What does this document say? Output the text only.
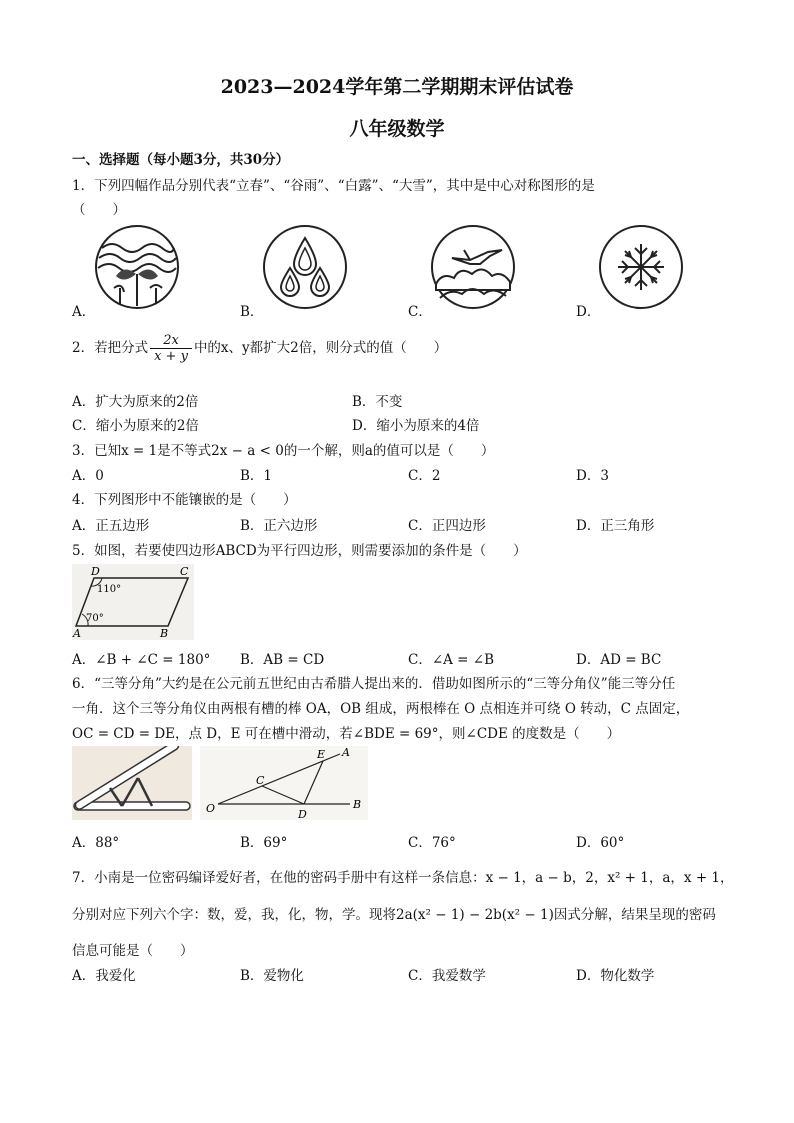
2023—2024学年第二学期期末评估试卷
八年级数学
一、选择题（每小题3分，共30分）
1．下列四幅作品分别代表“立春”、“谷雨”、“白露”、“大雪”，其中是中心对称图形的是
（　　）
A．	B．	C．	D．
2．若把分式 $\frac{2x}{x + y}$ 中的x、y都扩大2倍，则分式的值（　　）
A．扩大为原来的2倍	B．不变
C．缩小为原来的2倍	D．缩小为原来的4倍
3．已知x = 1是不等式2x − a < 0的一个解，则a的值可以是（　　）
A．0	B．1	C．2	D．3
4．下列图形中不能镶嵌的是（　　）
A．正五边形	B．正六边形	C．正四边形	D．正三角形
5．如图，若要使四边形ABCD为平行四边形，则需要添加的条件是（　　）
D	C
A	B
110°
70°
A．∠B + ∠C = 180° B．AB = CD	C．∠A = ∠B	D．AD = BC
6．“三等分角”大约是在公元前五世纪由古希腊人提出来的．借助如图所示的“三等分角仪”能三等分任
一角．这个三等分角仪由两根有槽的棒 OA，OB 组成，两根棒在 O 点相连并可绕 O 转动，C 点固定，
OC = CD = DE，点 D，E 可在槽中滑动，若∠BDE = 69°，则∠CDE 的度数是（　　）
O
C
D
E A
B
A．88°	B．69°	C．76°	D．60°
7．小南是一位密码编译爱好者，在他的密码手册中有这样一条信息：x − 1，a − b，2，x² + 1，a，x + 1，
分别对应下列六个字：数，爱，我，化，物，学。现将2a(x² − 1) − 2b(x² − 1)因式分解，结果呈现的密码
信息可能是（　　）
A．我爱化	B．爱物化	C．我爱数学	D．物化数学
